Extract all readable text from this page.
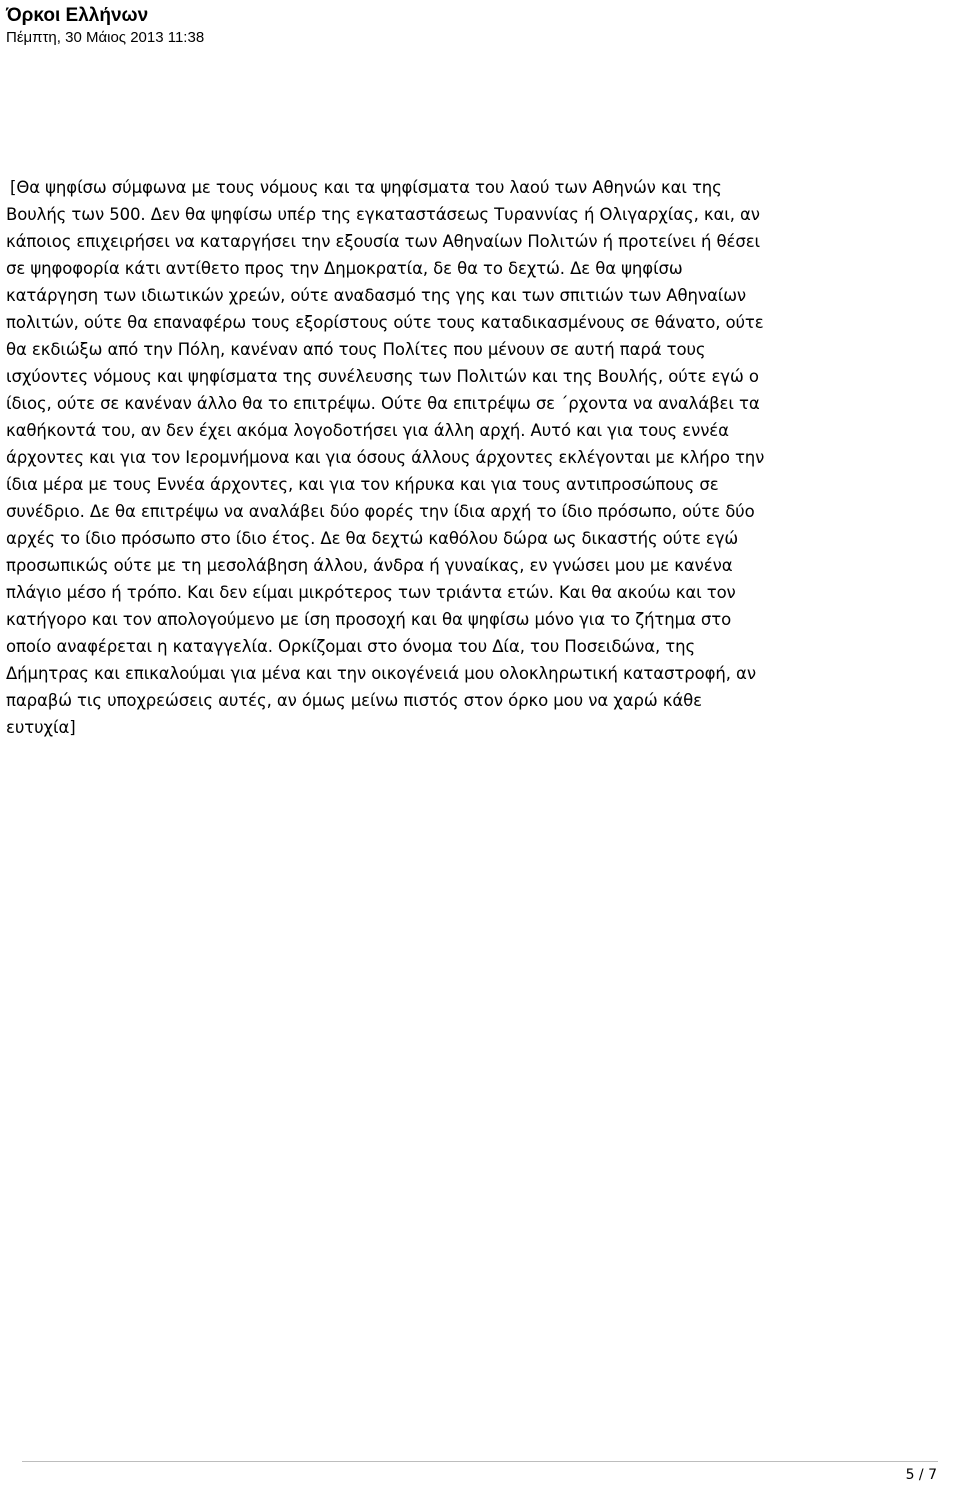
Όρκοι Ελλήνων
Πέμπτη, 30 Μάιος 2013 11:38
[Θα ψηφίσω σύμφωνα με τους νόμους και τα ψηφίσματα του λαού των Αθηνών και της
Βουλής των 500. Δεν θα ψηφίσω υπέρ της εγκαταστάσεως Τυραννίας ή Ολιγαρχίας, και, αν
κάποιος επιχειρήσει να καταργήσει την εξουσία των Αθηναίων Πολιτών ή προτείνει ή θέσει
σε ψηφοφορία κάτι αντίθετο προς την Δημοκρατία, δε θα το δεχτώ. Δε θα ψηφίσω
κατάργηση των ιδιωτικών χρεών, ούτε αναδασμό της γης και των σπιτιών των Αθηναίων
πολιτών, ούτε θα επαναφέρω τους εξορίστους ούτε τους καταδικασμένους σε θάνατο, ούτε
θα εκδιώξω από την Πόλη, κανέναν από τους Πολίτες που μένουν σε αυτή παρά τους
ισχύοντες νόμους και ψηφίσματα της συνέλευσης των Πολιτών και της Βουλής, ούτε εγώ ο
ίδιος, ούτε σε κανέναν άλλο θα το επιτρέψω. Ούτε θα επιτρέψω σε ΄ρχοντα να αναλάβει τα
καθήκοντά του, αν δεν έχει ακόμα λογοδοτήσει για άλλη αρχή. Αυτό και για τους εννέα
άρχοντες και για τον Ιερομνήμονα και για όσους άλλους άρχοντες εκλέγονται με κλήρο την
ίδια μέρα με τους Εννέα άρχοντες, και για τον κήρυκα και για τους αντιπροσώπους σε
συνέδριο. Δε θα επιτρέψω να αναλάβει δύο φορές την ίδια αρχή το ίδιο πρόσωπο, ούτε δύο
αρχές το ίδιο πρόσωπο στο ίδιο έτος. Δε θα δεχτώ καθόλου δώρα ως δικαστής ούτε εγώ
προσωπικώς ούτε με τη μεσολάβηση άλλου, άνδρα ή γυναίκας, εν γνώσει μου με κανένα
πλάγιο μέσο ή τρόπο. Και δεν είμαι μικρότερος των τριάντα ετών. Και θα ακούω και τον
κατήγορο και τον απολογούμενο με ίση προσοχή και θα ψηφίσω μόνο για το ζήτημα στο
οποίο αναφέρεται η καταγγελία. Ορκίζομαι στο όνομα του Δία, του Ποσειδώνα, της
Δήμητρας και επικαλούμαι για μένα και την οικογένειά μου ολοκληρωτική καταστροφή, αν
παραβώ τις υποχρεώσεις αυτές, αν όμως μείνω πιστός στον όρκο μου να χαρώ κάθε
ευτυχία]
5 / 7
